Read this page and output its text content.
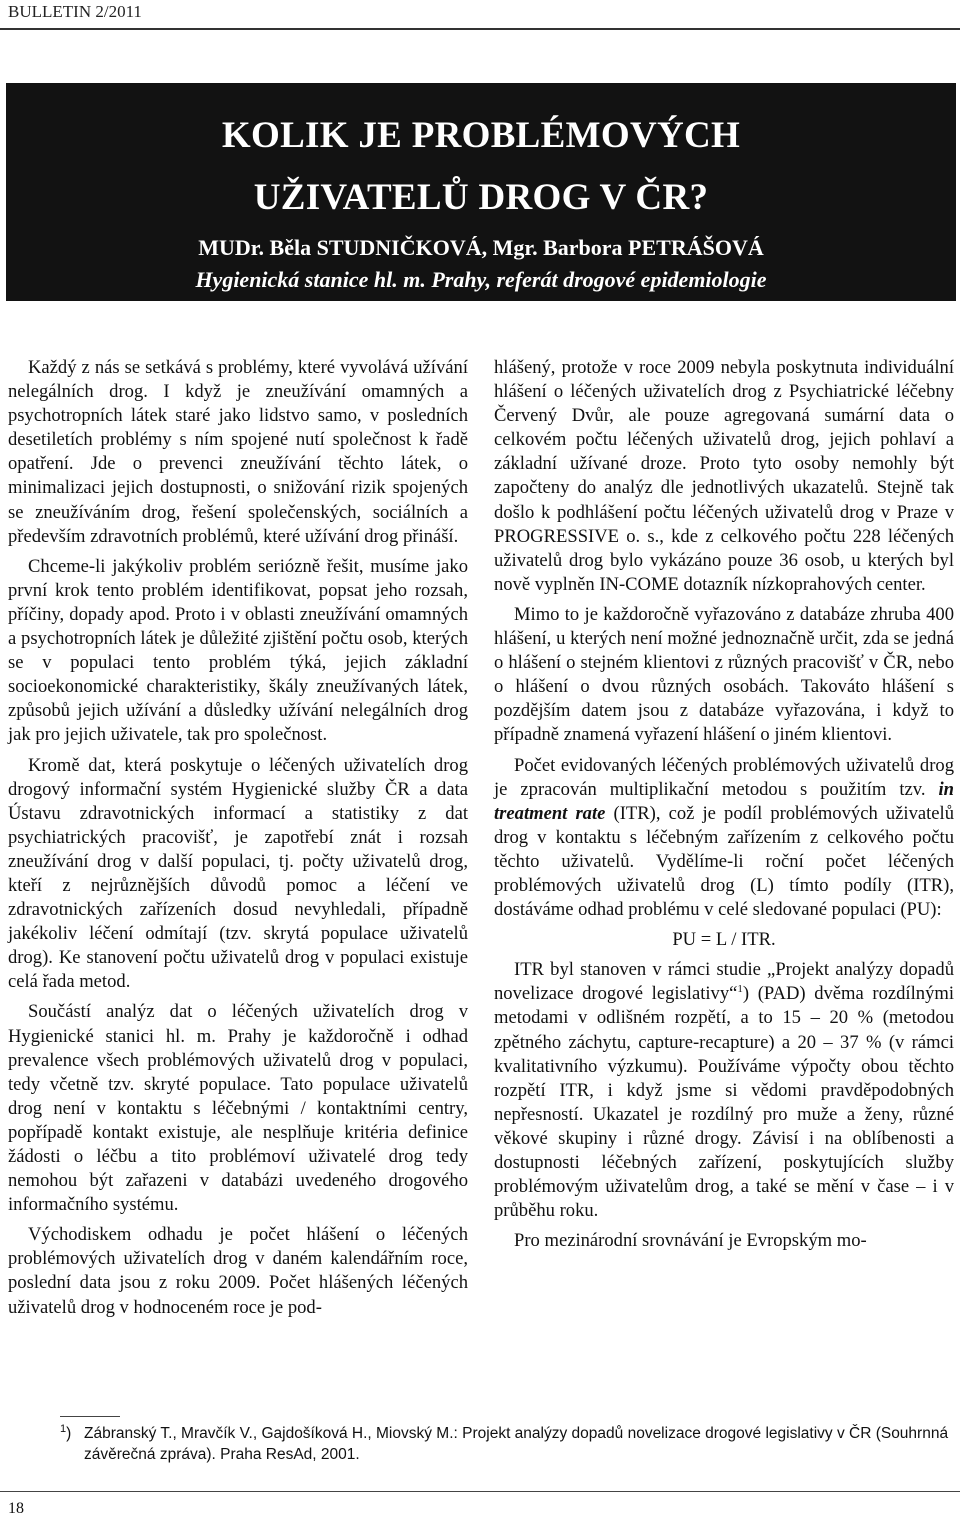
BULLETIN 2/2011
KOLIK JE PROBLÉMOVÝCH
UŽIVATELŮ DROG V ČR?
MUDr. Běla STUDNIČKOVÁ, Mgr. Barbora PETRÁŠOVÁ
Hygienická stanice hl. m. Prahy, referát drogové epidemiologie

Každý z nás se setkává s problémy, které vyvolává užívání nelegálních drog. I když je zneužívání omamných a psychotropních látek staré jako lidstvo samo, v posledních desetiletích problémy s ním spojené nutí společnost k řadě opatření. Jde o prevenci zneužívání těchto látek, o minimalizaci jejich dostupnosti, o snižování rizik spojených se zneužíváním drog, řešení společenských, sociálních a především zdravotních problémů, které užívání drog přináší.

Chceme-li jakýkoliv problém seriózně řešit, musíme jako první krok tento problém identifikovat, popsat jeho rozsah, příčiny, dopady apod. Proto i v oblasti zneužívání omamných a psychotropních látek je důležité zjištění počtu osob, kterých se v populaci tento problém týká, jejich základní socioekonomické charakteristiky, škály zneužívaných látek, způsobů jejich užívání a důsledky užívání nelegálních drog jak pro jejich uživatele, tak pro společnost.

Kromě dat, která poskytuje o léčených uživatelích drog drogový informační systém Hygienické služby ČR a data Ústavu zdravotnických informací a statistiky z dat psychiatrických pracovišť, je zapotřebí znát i rozsah zneužívání drog v další populaci, tj. počty uživatelů drog, kteří z nejrůznějších důvodů pomoc a léčení ve zdravotnických zařízeních dosud nevyhledali, případně jakékoliv léčení odmítají (tzv. skrytá populace uživatelů drog). Ke stanovení počtu uživatelů drog v populaci existuje celá řada metod.

Součástí analýz dat o léčených uživatelích drog v Hygienické stanici hl. m. Prahy je každoročně i odhad prevalence všech problémových uživatelů drog v populaci, tedy včetně tzv. skryté populace. Tato populace uživatelů drog není v kontaktu s léčebnými / kontaktními centry, popřípadě kontakt existuje, ale nesplňuje kritéria definice žádosti o léčbu a tito problémoví uživatelé drog tedy nemohou být zařazeni v databázi uvedeného drogového informačního systému.

Východiskem odhadu je počet hlášení o léčených problémových uživatelích drog v daném kalendářním roce, poslední data jsou z roku 2009. Počet hlášených léčených uživatelů drog v hodnoceném roce je pod-

hlášený, protože v roce 2009 nebyla poskytnuta individuální hlášení o léčených uživatelích drog z Psychiatrické léčebny Červený Dvůr, ale pouze agregovaná sumární data o celkovém počtu léčených uživatelů drog, jejich pohlaví a základní užívané droze. Proto tyto osoby nemohly být započteny do analýz dle jednotlivých ukazatelů. Stejně tak došlo k podhlášení počtu léčených uživatelů drog v Praze v PROGRESSIVE o. s., kde z celkového počtu 228 léčených uživatelů drog bylo vykázáno pouze 36 osob, u kterých byl nově vyplněn IN-COME dotazník nízkoprahových center.

Mimo to je každoročně vyřazováno z databáze zhruba 400 hlášení, u kterých není možné jednoznačně určit, zda se jedná o hlášení o stejném klientovi z různých pracovišť v ČR, nebo o hlášení o dvou různých osobách. Takováto hlášení s pozdějším datem jsou z databáze vyřazována, i když to případně znamená vyřazení hlášení o jiném klientovi.

Počet evidovaných léčených problémových uživatelů drog je zpracován multiplikační metodou s použitím tzv. in treatment rate (ITR), což je podíl problémových uživatelů drog v kontaktu s léčebným zařízením z celkového počtu těchto uživatelů. Vydělíme-li roční počet léčených problémových uživatelů drog (L) tímto podíly (ITR), dostáváme odhad problému v celé sledované populaci (PU):

PU = L / ITR.

ITR byl stanoven v rámci studie „Projekt analýzy dopadů novelizace drogové legislativy“$^1$) (PAD) dvěma rozdílnými metodami v odlišném rozpětí, a to 15 – 20 % (metodou zpětného záchytu, capture-recapture) a 20 – 37 % (v rámci kvalitativního výzkumu). Používáme výpočty obou těchto rozpětí ITR, i když jsme si vědomi pravděpodobných nepřesností. Ukazatel je rozdílný pro muže a ženy, různé věkové skupiny i různé drogy. Závisí i na oblíbenosti a dostupnosti léčebných zařízení, poskytujících služby problémovým uživatelům drog, a také se mění v čase – i v průběhu roku.

Pro mezinárodní srovnávání je Evropským mo-

$^1$) Zábranský T., Mravčík V., Gajdošíková H., Miovský M.: Projekt analýzy dopadů novelizace drogové legislativy v ČR (Souhrnná závěrečná zpráva). Praha ResAd, 2001.
18
